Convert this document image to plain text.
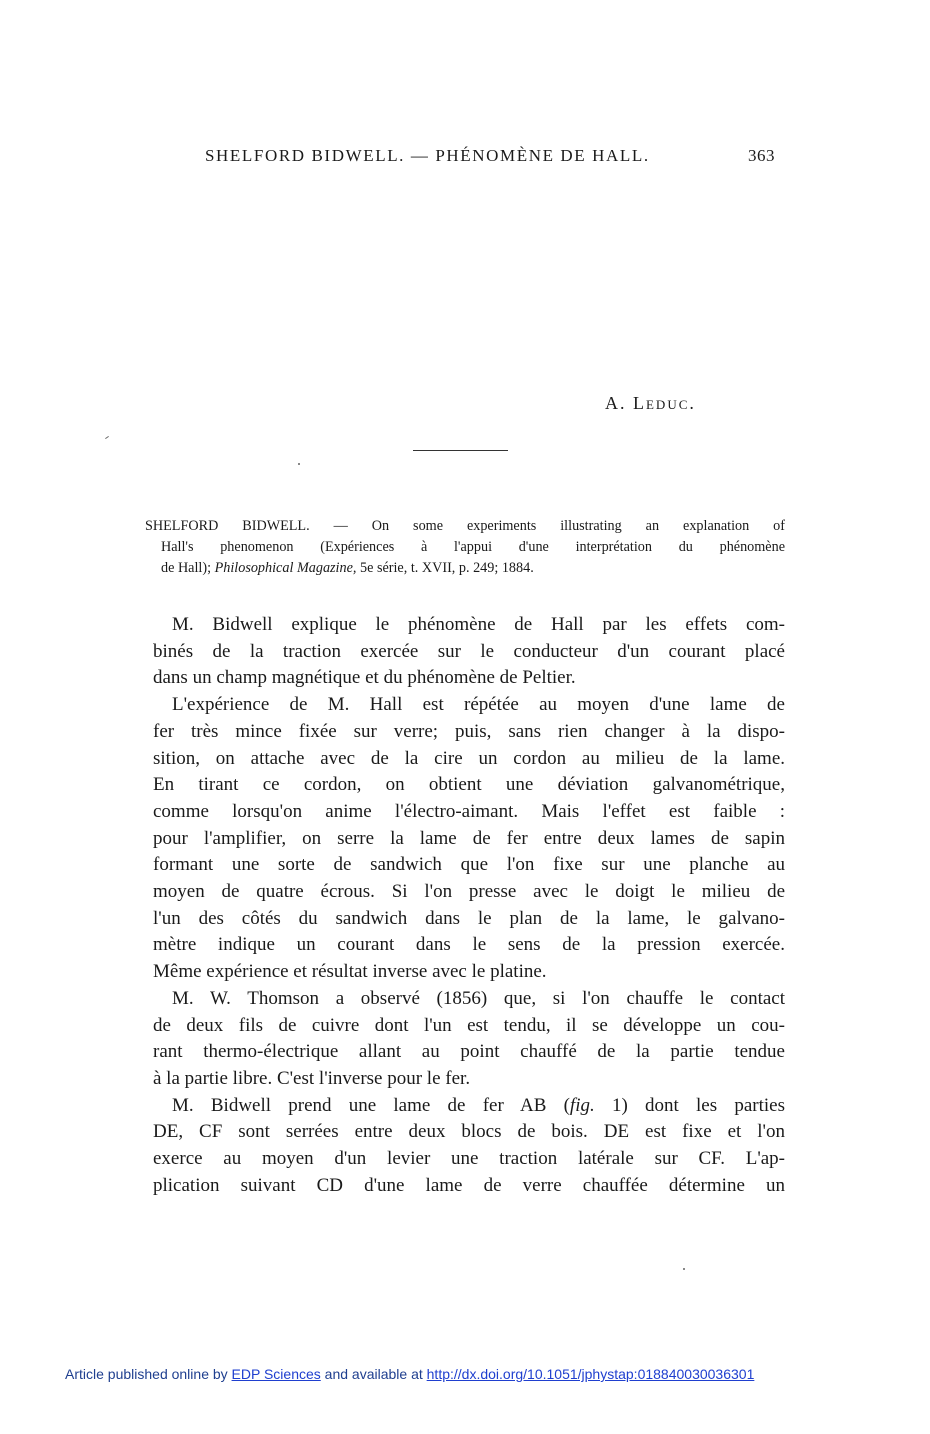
SHELFORD BIDWELL. — PHÉNOMÈNE DE HALL.	363
A. Leduc.
SHELFORD BIDWELL. — On some experiments illustrating an explanation of
Hall's phenomenon (Expériences à l'appui d'une interprétation du phénomène
de Hall); Philosophical Magazine, 5e série, t. XVII, p. 249; 1884.
M. Bidwell explique le phénomène de Hall par les effets com-
binés de la traction exercée sur le conducteur d'un courant placé
dans un champ magnétique et du phénomène de Peltier.
L'expérience de M. Hall est répétée au moyen d'une lame de
fer très mince fixée sur verre; puis, sans rien changer à la dispo-
sition, on attache avec de la cire un cordon au milieu de la lame.
En tirant ce cordon, on obtient une déviation galvanométrique,
comme lorsqu'on anime l'électro-aimant. Mais l'effet est faible :
pour l'amplifier, on serre la lame de fer entre deux lames de sapin
formant une sorte de sandwich que l'on fixe sur une planche au
moyen de quatre écrous. Si l'on presse avec le doigt le milieu de
l'un des côtés du sandwich dans le plan de la lame, le galvano-
mètre indique un courant dans le sens de la pression exercée.
Même expérience et résultat inverse avec le platine.
M. W. Thomson a observé (1856) que, si l'on chauffe le contact
de deux fils de cuivre dont l'un est tendu, il se développe un cou-
rant thermo-électrique allant au point chauffé de la partie tendue
à la partie libre. C'est l'inverse pour le fer.
M. Bidwell prend une lame de fer AB (fig. 1) dont les parties
DE, CF sont serrées entre deux blocs de bois. DE est fixe et l'on
exerce au moyen d'un levier une traction latérale sur CF. L'ap-
plication suivant CD d'une lame de verre chauffée détermine un
Article published online by EDP Sciences and available at http://dx.doi.org/10.1051/jphystap:018840030036301
